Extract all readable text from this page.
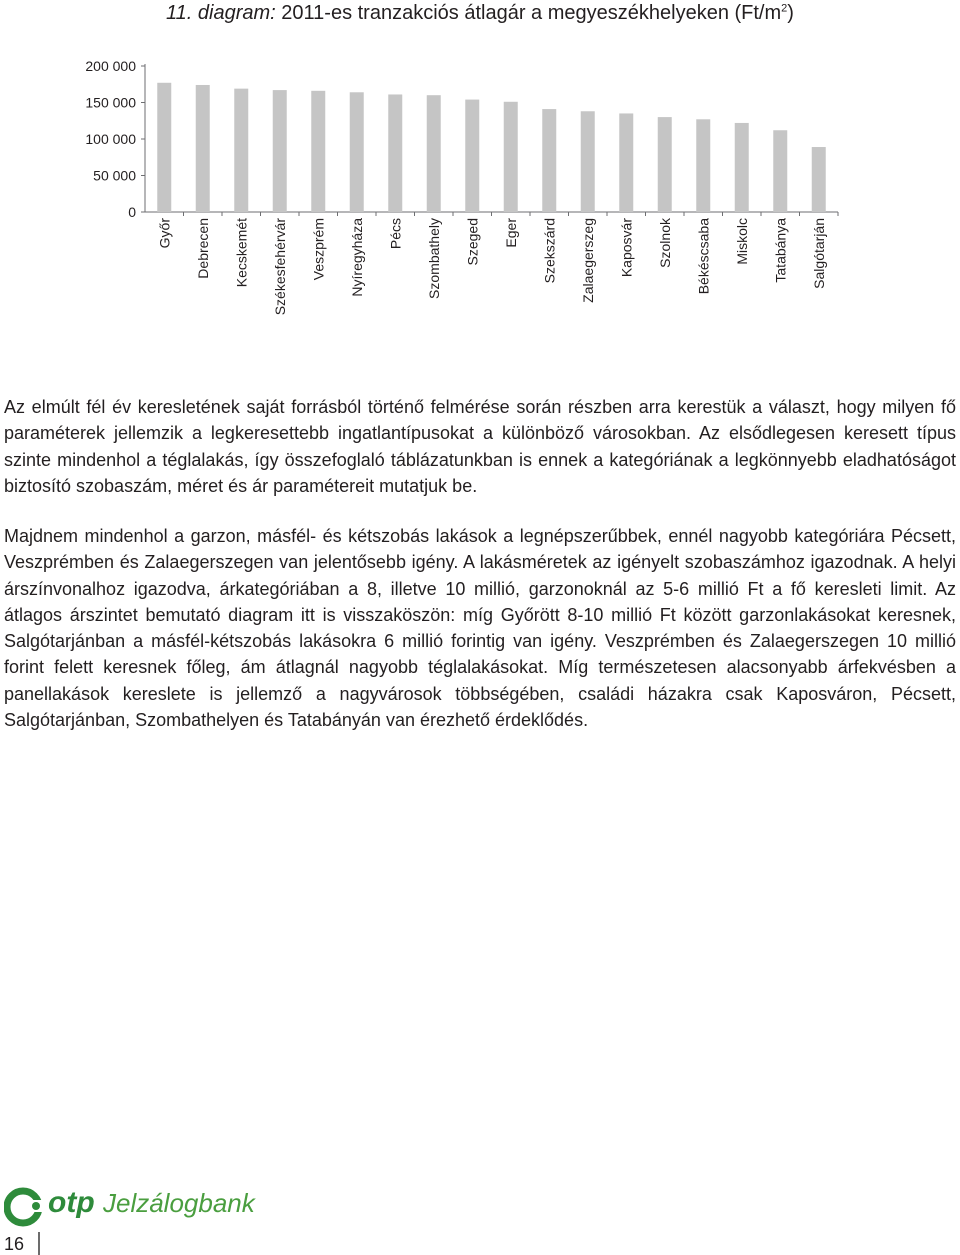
11. diagram: 2011-es tranzakciós átlagár a megyeszékhelyeken $(Ft/m^2)$
200 000
150 000
100 000
50 000
0
Győr Debrecen Kecskemét Székesfehérvár Veszprém Nyíregyháza Pécs Szombathely Szeged Eger Szekszárd Zalaegerszeg Kaposvár Szolnok Békéscsaba Miskolc Tatabánya Salgótarján
Az elmúlt fél év keresletének saját forrásból történő felmérése során részben arra kerestük a választ, hogy milyen fő paraméterek jellemzik a legkeresettebb ingatlantípusokat a különböző városokban. Az elsődlegesen keresett típus szinte mindenhol a téglalakás, így összefoglaló táblázatunkban is ennek a kategóriának a legkönnyebb eladhatóságot biztosító szobaszám, méret és ár paramétereit mutatjuk be.
Majdnem mindenhol a garzon, másfél- és kétszobás lakások a legnépszerűbbek, ennél nagyobb kategóriára Pécsett, Veszprémben és Zalaegerszegen van jelentősebb igény. A lakásméretek az igényelt szobaszámhoz igazodnak. A helyi árszínvonalhoz igazodva, árkategóriában a 8, illetve 10 millió, garzonoknál az 5-6 millió Ft a fő keresleti limit. Az átlagos árszintet bemutató diagram itt is visszaköszön: míg Győrött 8-10 millió Ft között garzonlakásokat keresnek, Salgótarjánban a másfél-kétszobás lakásokra 6 millió forintig van igény. Veszprémben és Zalaegerszegen 10 millió forint felett keresnek főleg, ám átlagnál nagyobb téglalakásokat. Míg természetesen alacsonyabb árfekvésben a panellakások kereslete is jellemző a nagyvárosok többségében, családi házakra csak Kaposváron, Pécsett, Salgótarjánban, Szombathelyen és Tatabányán van érezhető érdeklődés.
otp Jelzálogbank
16
